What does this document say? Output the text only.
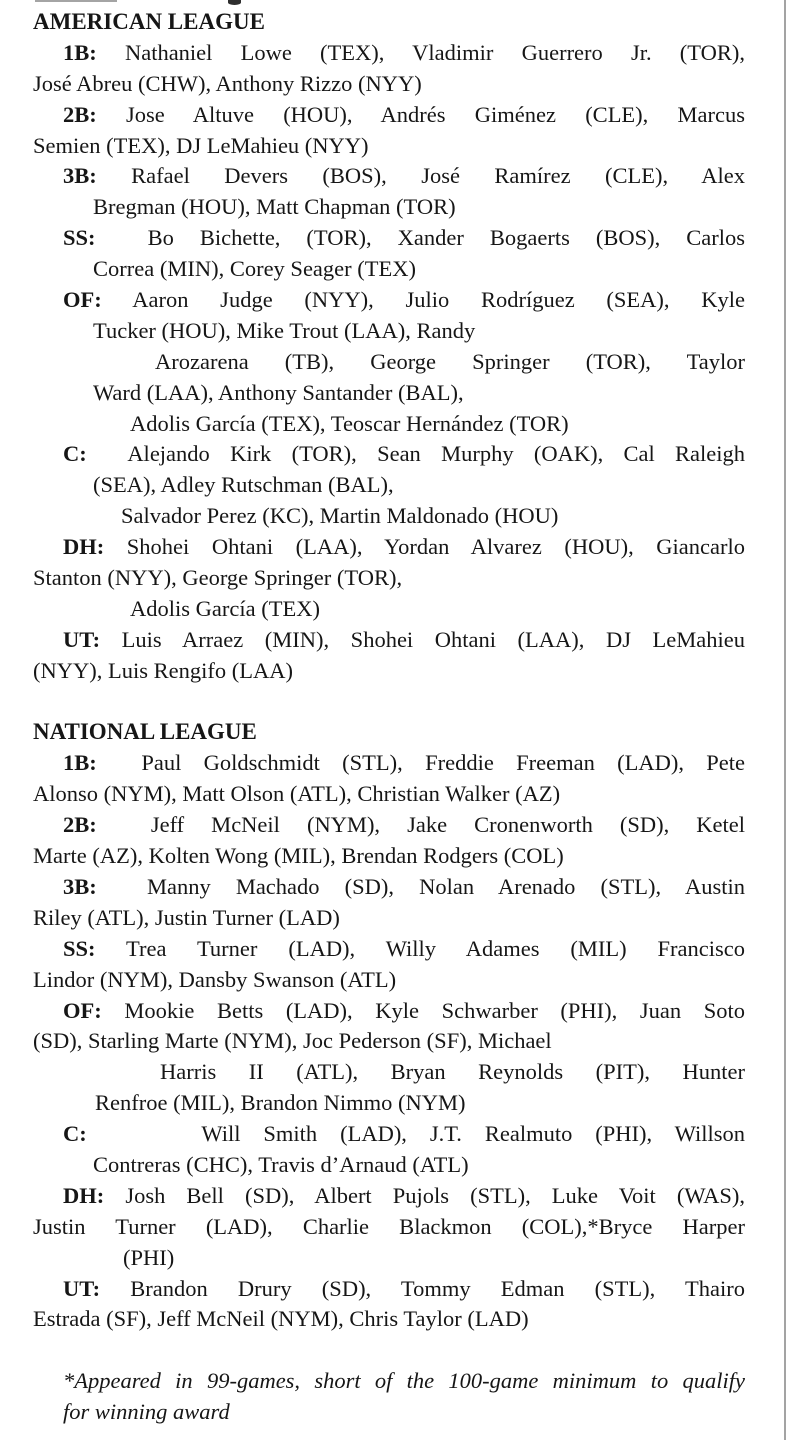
AMERICAN LEAGUE
1B: Nathaniel Lowe (TEX), Vladimir Guerrero Jr. (TOR),
José Abreu (CHW), Anthony Rizzo (NYY)
2B: Jose Altuve (HOU), Andrés Giménez (CLE), Marcus
Semien (TEX), DJ LeMahieu (NYY)
3B: Rafael Devers (BOS), José Ramírez (CLE), Alex
Bregman (HOU), Matt Chapman (TOR)
SS: Bo Bichette, (TOR), Xander Bogaerts (BOS), Carlos
Correa (MIN), Corey Seager (TEX)
OF: Aaron Judge (NYY), Julio Rodríguez (SEA), Kyle
Tucker (HOU), Mike Trout (LAA), Randy
Arozarena (TB), George Springer (TOR), Taylor
Ward (LAA), Anthony Santander (BAL),
Adolis García (TEX), Teoscar Hernández (TOR)
C: Alejando Kirk (TOR), Sean Murphy (OAK), Cal Raleigh
(SEA), Adley Rutschman (BAL),
Salvador Perez (KC), Martin Maldonado (HOU)
DH: Shohei Ohtani (LAA), Yordan Alvarez (HOU), Giancarlo
Stanton (NYY), George Springer (TOR),
Adolis García (TEX)
UT: Luis Arraez (MIN), Shohei Ohtani (LAA), DJ LeMahieu
(NYY), Luis Rengifo (LAA)
NATIONAL LEAGUE
1B: Paul Goldschmidt (STL), Freddie Freeman (LAD), Pete
Alonso (NYM), Matt Olson (ATL), Christian Walker (AZ)
2B: Jeff McNeil (NYM), Jake Cronenworth (SD), Ketel
Marte (AZ), Kolten Wong (MIL), Brendan Rodgers (COL)
3B: Manny Machado (SD), Nolan Arenado (STL), Austin
Riley (ATL), Justin Turner (LAD)
SS: Trea Turner (LAD), Willy Adames (MIL) Francisco
Lindor (NYM), Dansby Swanson (ATL)
OF: Mookie Betts (LAD), Kyle Schwarber (PHI), Juan Soto
(SD), Starling Marte (NYM), Joc Pederson (SF), Michael
Harris II (ATL), Bryan Reynolds (PIT), Hunter
Renfroe (MIL), Brandon Nimmo (NYM)
C:	Will Smith (LAD), J.T. Realmuto (PHI), Willson
Contreras (CHC), Travis d’Arnaud (ATL)
DH: Josh Bell (SD), Albert Pujols (STL), Luke Voit (WAS),
Justin Turner (LAD), Charlie Blackmon (COL),*Bryce Harper
(PHI)
UT: Brandon Drury (SD), Tommy Edman (STL), Thairo
Estrada (SF), Jeff McNeil (NYM), Chris Taylor (LAD)
*Appeared in 99-games, short of the 100-game minimum to qualify
for winning award
